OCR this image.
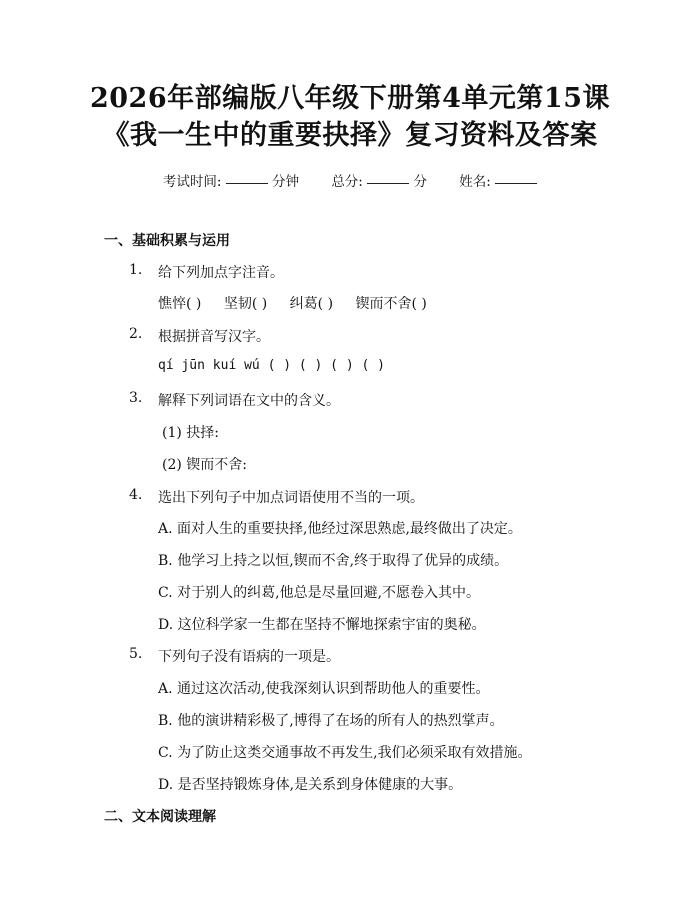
2026年部编版八年级下册第4单元第15课
《我一生中的重要抉择》复习资料及答案
考试时间:	分钟 总分:	分 姓名:
一、基础积累与运用
1. 给下列加点字注音。
憔悴( ) 坚韧( ) 纠葛( ) 锲而不舍( )
2. 根据拼音写汉字。
qí jūn kuí wú ( ) ( ) ( ) ( )
3. 解释下列词语在文中的含义。
(1) 抉择:
(2) 锲而不舍:
4. 选出下列句子中加点词语使用不当的一项。
A. 面对人生的重要抉择,他经过深思熟虑,最终做出了决定。
B. 他学习上持之以恒,锲而不舍,终于取得了优异的成绩。
C. 对于别人的纠葛,他总是尽量回避,不愿卷入其中。
D. 这位科学家一生都在坚持不懈地探索宇宙的奥秘。
5. 下列句子没有语病的一项是。
A. 通过这次活动,使我深刻认识到帮助他人的重要性。
B. 他的演讲精彩极了,博得了在场的所有人的热烈掌声。
C. 为了防止这类交通事故不再发生,我们必须采取有效措施。
D. 是否坚持锻炼身体,是关系到身体健康的大事。
二、文本阅读理解
